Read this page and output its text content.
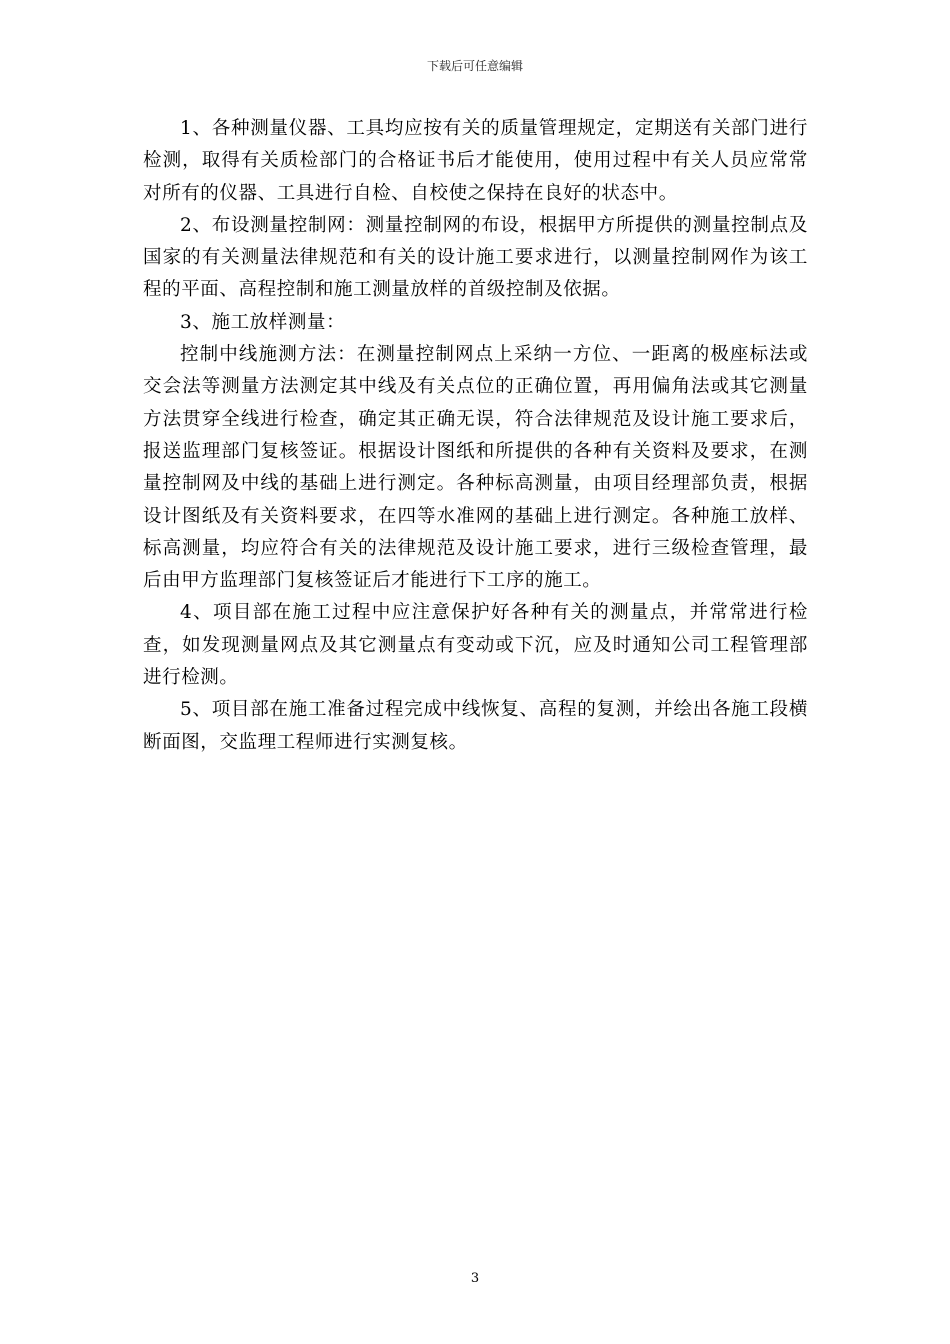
下载后可任意编辑

1、各种测量仪器、工具均应按有关的质量管理规定，定期送有关部门进行检测，取得有关质检部门的合格证书后才能使用，使用过程中有关人员应常常对所有的仪器、工具进行自检、自校使之保持在良好的状态中。

2、布设测量控制网：测量控制网的布设，根据甲方所提供的测量控制点及国家的有关测量法律规范和有关的设计施工要求进行，以测量控制网作为该工程的平面、高程控制和施工测量放样的首级控制及依据。

3、施工放样测量：

控制中线施测方法：在测量控制网点上采纳一方位、一距离的极座标法或交会法等测量方法测定其中线及有关点位的正确位置，再用偏角法或其它测量方法贯穿全线进行检查，确定其正确无误，符合法律规范及设计施工要求后，报送监理部门复核签证。根据设计图纸和所提供的各种有关资料及要求，在测量控制网及中线的基础上进行测定。各种标高测量，由项目经理部负责，根据设计图纸及有关资料要求，在四等水准网的基础上进行测定。各种施工放样、标高测量，均应符合有关的法律规范及设计施工要求，进行三级检查管理，最后由甲方监理部门复核签证后才能进行下工序的施工。

4、项目部在施工过程中应注意保护好各种有关的测量点，并常常进行检查，如发现测量网点及其它测量点有变动或下沉，应及时通知公司工程管理部进行检测。

5、项目部在施工准备过程完成中线恢复、高程的复测，并绘出各施工段横断面图，交监理工程师进行实测复核。

3
